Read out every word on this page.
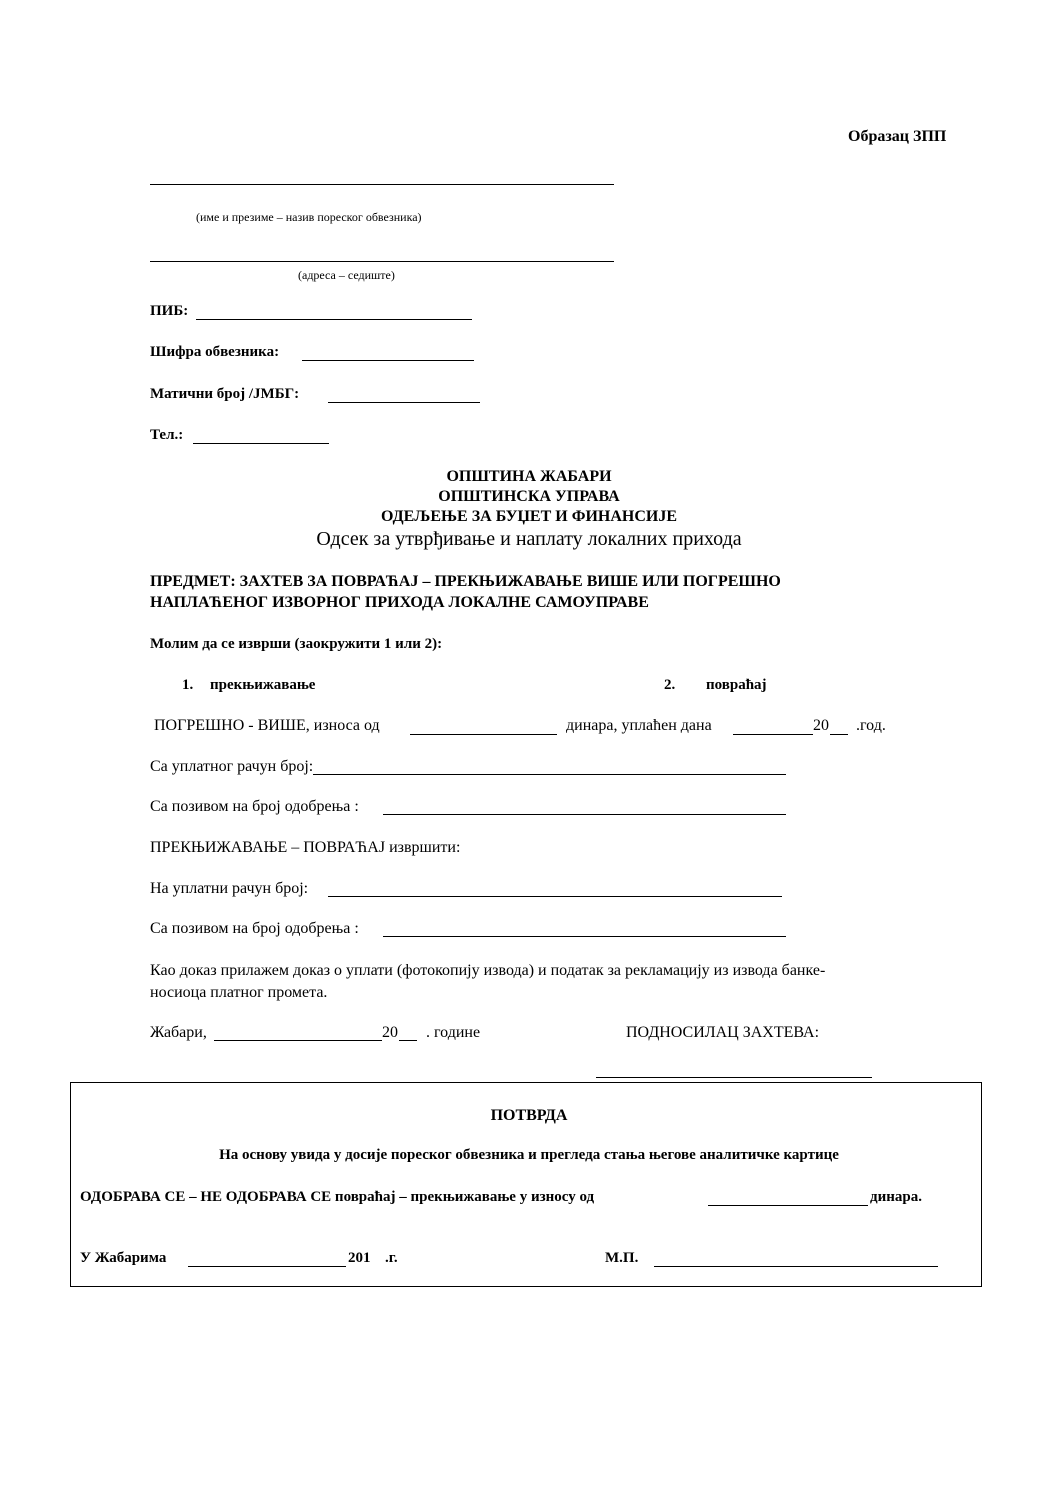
Образац ЗПП
(име и презиме – назив пореског обвезника)
(адреса – седиште)
ПИБ:
Шифра обвезника:
Матични број /ЈМБГ:
Тел.:
ОПШТИНА ЖАБАРИ
ОПШТИНСКА УПРАВА
ОДЕЉЕЊЕ ЗА БУЏЕТ И ФИНАНСИЈЕ
Одсек за утврђивање и наплату локалних прихода
ПРЕДМЕТ: ЗАХТЕВ ЗА ПОВРАЋАЈ – ПРЕКЊИЖАВАЊЕ ВИШЕ ИЛИ ПОГРЕШНО
НАПЛАЋЕНОГ ИЗВОРНОГ ПРИХОДА ЛОКАЛНЕ САМОУПРАВЕ
Молим да се изврши (заокружити 1 или 2):
1. прекњижавање	2. повраћај
ПОГРЕШНО - ВИШЕ, износа од	динара, уплаћен дана	20 .год.
Са уплатног рачун број:
Са позивом на број одобрења :
ПРЕКЊИЖАВАЊЕ – ПОВРАЋАЈ извршити:
На уплатни рачун број:
Са позивом на број одобрења :
Као доказ прилажем доказ о уплати (фотокопију извода) и податак за рекламацију из извода банке-
носиоца платног промета.
Жабари,	20 . године	ПОДНОСИЛАЦ ЗАХТЕВА:
ПОТВРДА
На основу увида у досије пореског обвезника и прегледа стања његове аналитичке картице
ОДОБРАВА СЕ – НЕ ОДОБРАВА СЕ повраћај – прекњижавање у износу од	динара.
У Жабарима	201 .г.	М.П.
